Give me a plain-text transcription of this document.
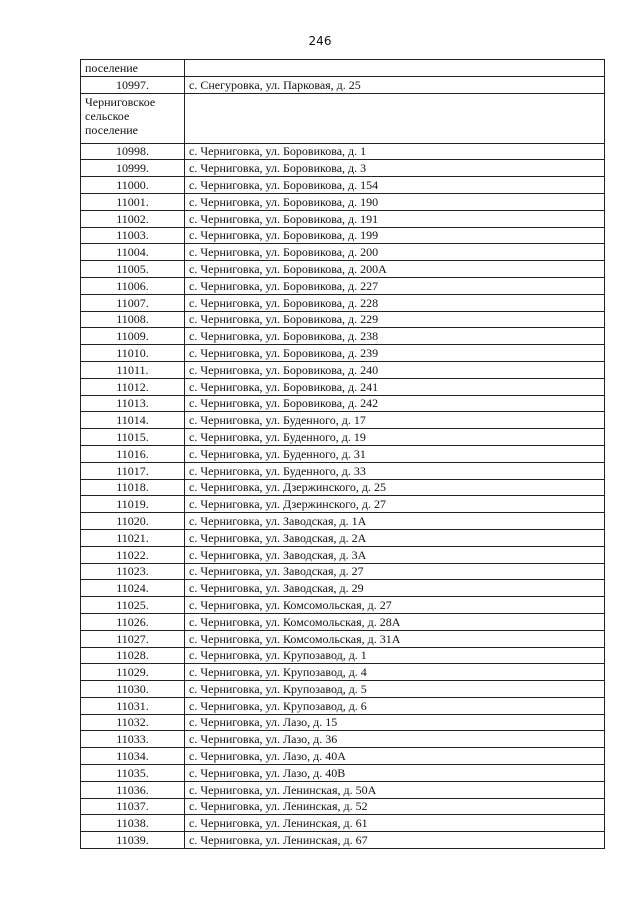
246
поселение	
10997.	с. Снегуровка, ул. Парковая, д. 25

Черниговское
сельское
поселение	

10998.	с. Черниговка, ул. Боровикова, д. 1
10999.	с. Черниговка, ул. Боровикова, д. 3
11000.	с. Черниговка, ул. Боровикова, д. 154
11001.	с. Черниговка, ул. Боровикова, д. 190
11002.	с. Черниговка, ул. Боровикова, д. 191
11003.	с. Черниговка, ул. Боровикова, д. 199
11004.	с. Черниговка, ул. Боровикова, д. 200
11005.	с. Черниговка, ул. Боровикова, д. 200А
11006.	с. Черниговка, ул. Боровикова, д. 227
11007.	с. Черниговка, ул. Боровикова, д. 228
11008.	с. Черниговка, ул. Боровикова, д. 229
11009.	с. Черниговка, ул. Боровикова, д. 238
11010.	с. Черниговка, ул. Боровикова, д. 239
11011.	с. Черниговка, ул. Боровикова, д. 240
11012.	с. Черниговка, ул. Боровикова, д. 241
11013.	с. Черниговка, ул. Боровикова, д. 242
11014.	с. Черниговка, ул. Буденного, д. 17
11015.	с. Черниговка, ул. Буденного, д. 19
11016.	с. Черниговка, ул. Буденного, д. 31
11017.	с. Черниговка, ул. Буденного, д. 33
11018.	с. Черниговка, ул. Дзержинского, д. 25
11019.	с. Черниговка, ул. Дзержинского, д. 27
11020.	с. Черниговка, ул. Заводская, д. 1А
11021.	с. Черниговка, ул. Заводская, д. 2А
11022.	с. Черниговка, ул. Заводская, д. 3А
11023.	с. Черниговка, ул. Заводская, д. 27
11024.	с. Черниговка, ул. Заводская, д. 29
11025.	с. Черниговка, ул. Комсомольская, д. 27
11026.	с. Черниговка, ул. Комсомольская, д. 28А
11027.	с. Черниговка, ул. Комсомольская, д. 31А
11028.	с. Черниговка, ул. Крупозавод, д. 1
11029.	с. Черниговка, ул. Крупозавод, д. 4
11030.	с. Черниговка, ул. Крупозавод, д. 5
11031.	с. Черниговка, ул. Крупозавод, д. 6
11032.	с. Черниговка, ул. Лазо, д. 15
11033.	с. Черниговка, ул. Лазо, д. 36
11034.	с. Черниговка, ул. Лазо, д. 40А
11035.	с. Черниговка, ул. Лазо, д. 40В
11036.	с. Черниговка, ул. Ленинская, д. 50А
11037.	с. Черниговка, ул. Ленинская, д. 52
11038.	с. Черниговка, ул. Ленинская, д. 61
11039.	с. Черниговка, ул. Ленинская, д. 67
